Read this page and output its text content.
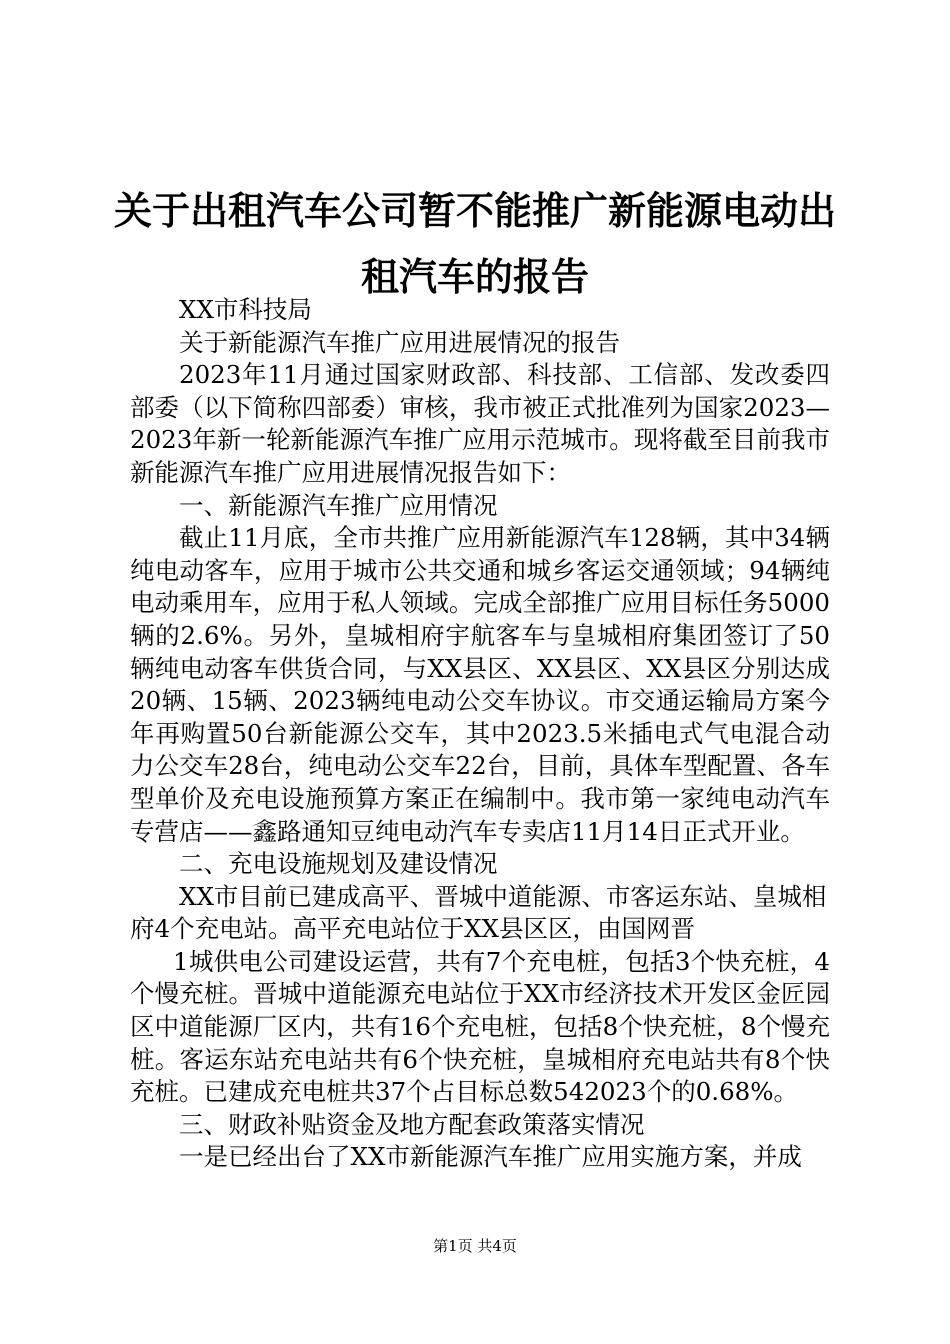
关于出租汽车公司暂不能推广新能源电动出租汽车的报告

XX市科技局

关于新能源汽车推广应用进展情况的报告

2023年11月通过国家财政部、科技部、工信部、发改委四部委（以下简称四部委）审核，我市被正式批准列为国家2023—2023年新一轮新能源汽车推广应用示范城市。现将截至目前我市新能源汽车推广应用进展情况报告如下：

一、新能源汽车推广应用情况

截止11月底，全市共推广应用新能源汽车128辆，其中34辆纯电动客车，应用于城市公共交通和城乡客运交通领域；94辆纯电动乘用车，应用于私人领域。完成全部推广应用目标任务5000辆的2.6%。另外，皇城相府宇航客车与皇城相府集团签订了50辆纯电动客车供货合同，与XX县区、XX县区、XX县区分别达成20辆、15辆、2023辆纯电动公交车协议。市交通运输局方案今年再购置50台新能源公交车，其中2023.5米插电式气电混合动力公交车28台，纯电动公交车22台，目前，具体车型配置、各车型单价及充电设施预算方案正在编制中。我市第一家纯电动汽车专营店——鑫路通知豆纯电动汽车专卖店11月14日正式开业。

二、充电设施规划及建设情况

XX市目前已建成高平、晋城中道能源、市客运东站、皇城相府4个充电站。高平充电站位于XX县区区，由国网晋

1城供电公司建设运营，共有7个充电桩，包括3个快充桩，4个慢充桩。晋城中道能源充电站位于XX市经济技术开发区金匠园区中道能源厂区内，共有16个充电桩，包括8个快充桩，8个慢充桩。客运东站充电站共有6个快充桩，皇城相府充电站共有8个快充桩。已建成充电桩共37个占目标总数542023个的0.68%。

三、财政补贴资金及地方配套政策落实情况

一是已经出台了XX市新能源汽车推广应用实施方案，并成

第1页 共4页
